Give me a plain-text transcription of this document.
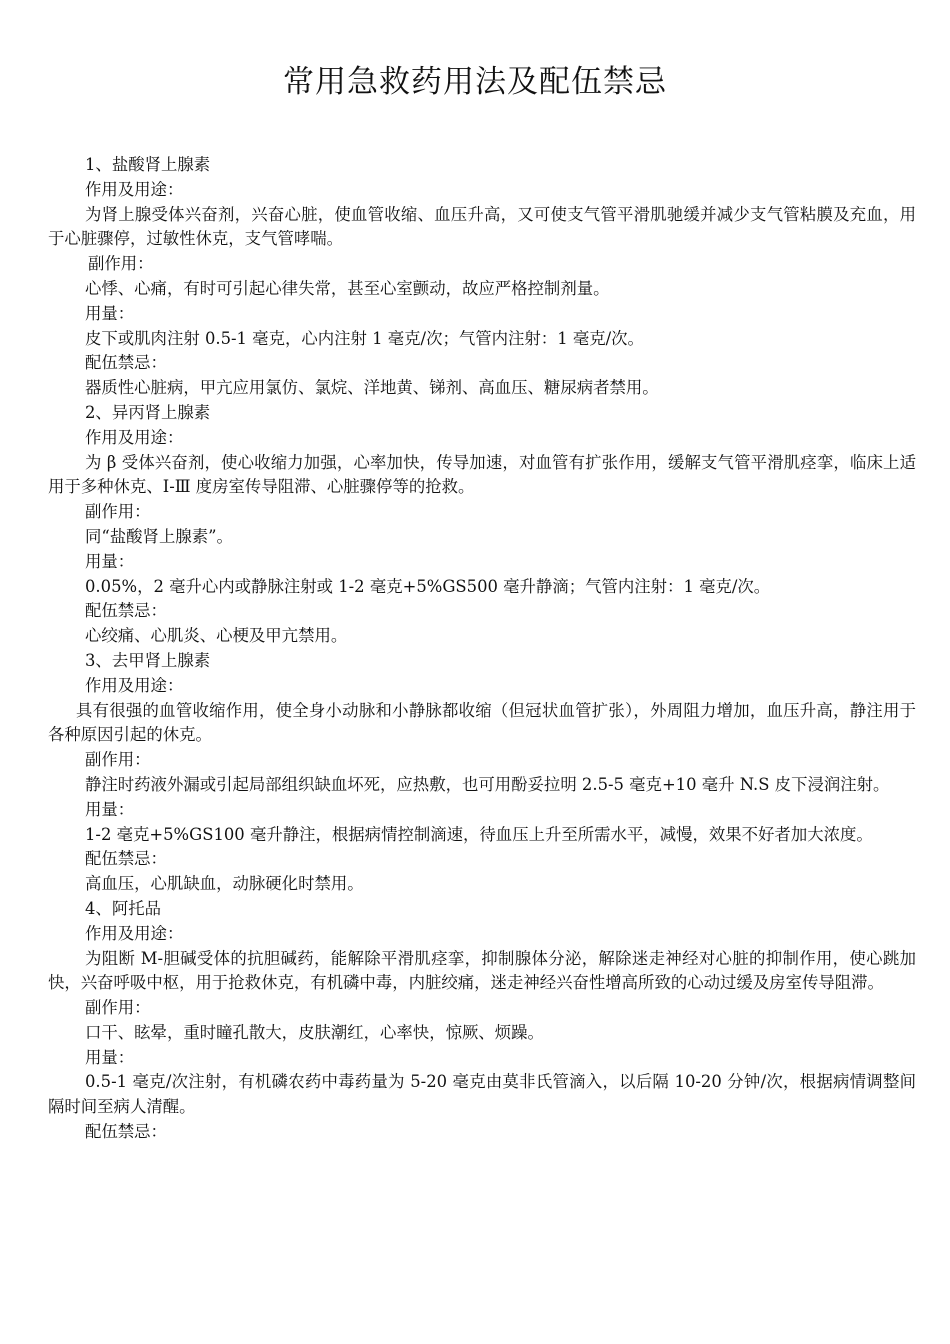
常用急救药用法及配伍禁忌

1、盐酸肾上腺素

作用及用途：

为肾上腺受体兴奋剂，兴奋心脏，使血管收缩、血压升高，又可使支气管平滑肌驰缓并减少支气管粘膜及充血，用于心脏骤停，过敏性休克，支气管哮喘。

副作用：

心悸、心痛，有时可引起心律失常，甚至心室颤动，故应严格控制剂量。

用量：

皮下或肌肉注射 0.5-1 毫克，心内注射 1 毫克/次；气管内注射：1 毫克/次。

配伍禁忌：

器质性心脏病，甲亢应用氯仿、氯烷、洋地黄、锑剂、高血压、糖尿病者禁用。

2、异丙肾上腺素

作用及用途：

为 β 受体兴奋剂，使心收缩力加强，心率加快，传导加速，对血管有扩张作用，缓解支气管平滑肌痉挛，临床上适用于多种休克、Ⅰ-Ⅲ 度房室传导阻滞、心脏骤停等的抢救。

副作用：

同“盐酸肾上腺素”。

用量：

0.05%，2 毫升心内或静脉注射或 1-2 毫克+5%GS500 毫升静滴；气管内注射：1 毫克/次。

配伍禁忌：

心绞痛、心肌炎、心梗及甲亢禁用。

3、去甲肾上腺素

作用及用途：

具有很强的血管收缩作用，使全身小动脉和小静脉都收缩（但冠状血管扩张），外周阻力增加，血压升高，静注用于各种原因引起的休克。

副作用：

静注时药液外漏或引起局部组织缺血坏死，应热敷，也可用酚妥拉明 2.5-5 毫克+10 毫升 N.S 皮下浸润注射。

用量：

1-2 毫克+5%GS100 毫升静注，根据病情控制滴速，待血压上升至所需水平，减慢，效果不好者加大浓度。

配伍禁忌：

高血压，心肌缺血，动脉硬化时禁用。

4、阿托品

作用及用途：

为阻断 M-胆碱受体的抗胆碱药，能解除平滑肌痉挛，抑制腺体分泌，解除迷走神经对心脏的抑制作用，使心跳加快，兴奋呼吸中枢，用于抢救休克，有机磷中毒，内脏绞痛，迷走神经兴奋性增高所致的心动过缓及房室传导阻滞。

副作用：

口干、眩晕，重时瞳孔散大，皮肤潮红，心率快，惊厥、烦躁。

用量：

0.5-1 毫克/次注射，有机磷农药中毒药量为 5-20 毫克由莫非氏管滴入，以后隔 10-20 分钟/次，根据病情调整间隔时间至病人清醒。

配伍禁忌：
